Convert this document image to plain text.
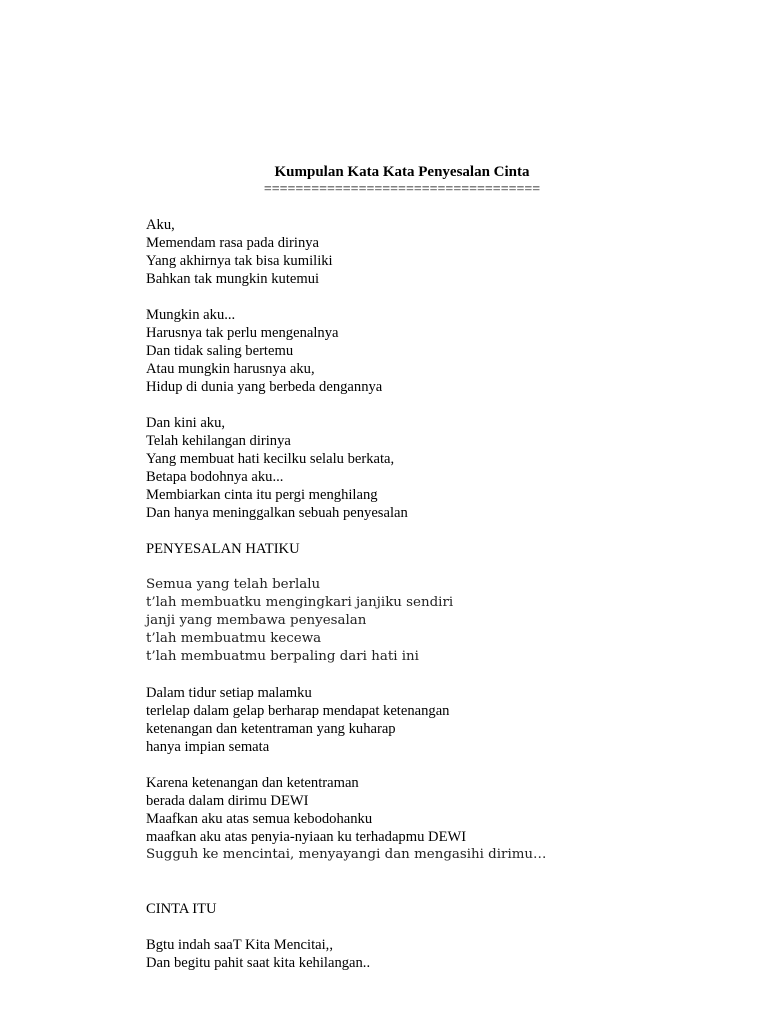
Kumpulan Kata Kata Penyesalan Cinta
===================================
Aku,
Memendam rasa pada dirinya
Yang akhirnya tak bisa kumiliki
Bahkan tak mungkin kutemui
Mungkin aku...
Harusnya tak perlu mengenalnya
Dan tidak saling bertemu
Atau mungkin harusnya aku,
Hidup di dunia yang berbeda dengannya
Dan kini aku,
Telah kehilangan dirinya
Yang membuat hati kecilku selalu berkata,
Betapa bodohnya aku...
Membiarkan cinta itu pergi menghilang
Dan hanya meninggalkan sebuah penyesalan
PENYESALAN HATIKU
Semua yang telah berlalu
t’lah membuatku mengingkari janjiku sendiri
janji yang membawa penyesalan
t’lah membuatmu kecewa
t’lah membuatmu berpaling dari hati ini
Dalam tidur setiap malamku
terlelap dalam gelap berharap mendapat ketenangan
ketenangan dan ketentraman yang kuharap
hanya impian semata
Karena ketenangan dan ketentraman
berada dalam dirimu DEWI
Maafkan aku atas semua kebodohanku
maafkan aku atas penyia-nyiaan ku terhadapmu DEWI
Sugguh ke mencintai, menyayangi dan mengasihi dirimu…
CINTA ITU
Bgtu indah saaT Kita Mencitai,,
Dan begitu pahit saat kita kehilangan..
